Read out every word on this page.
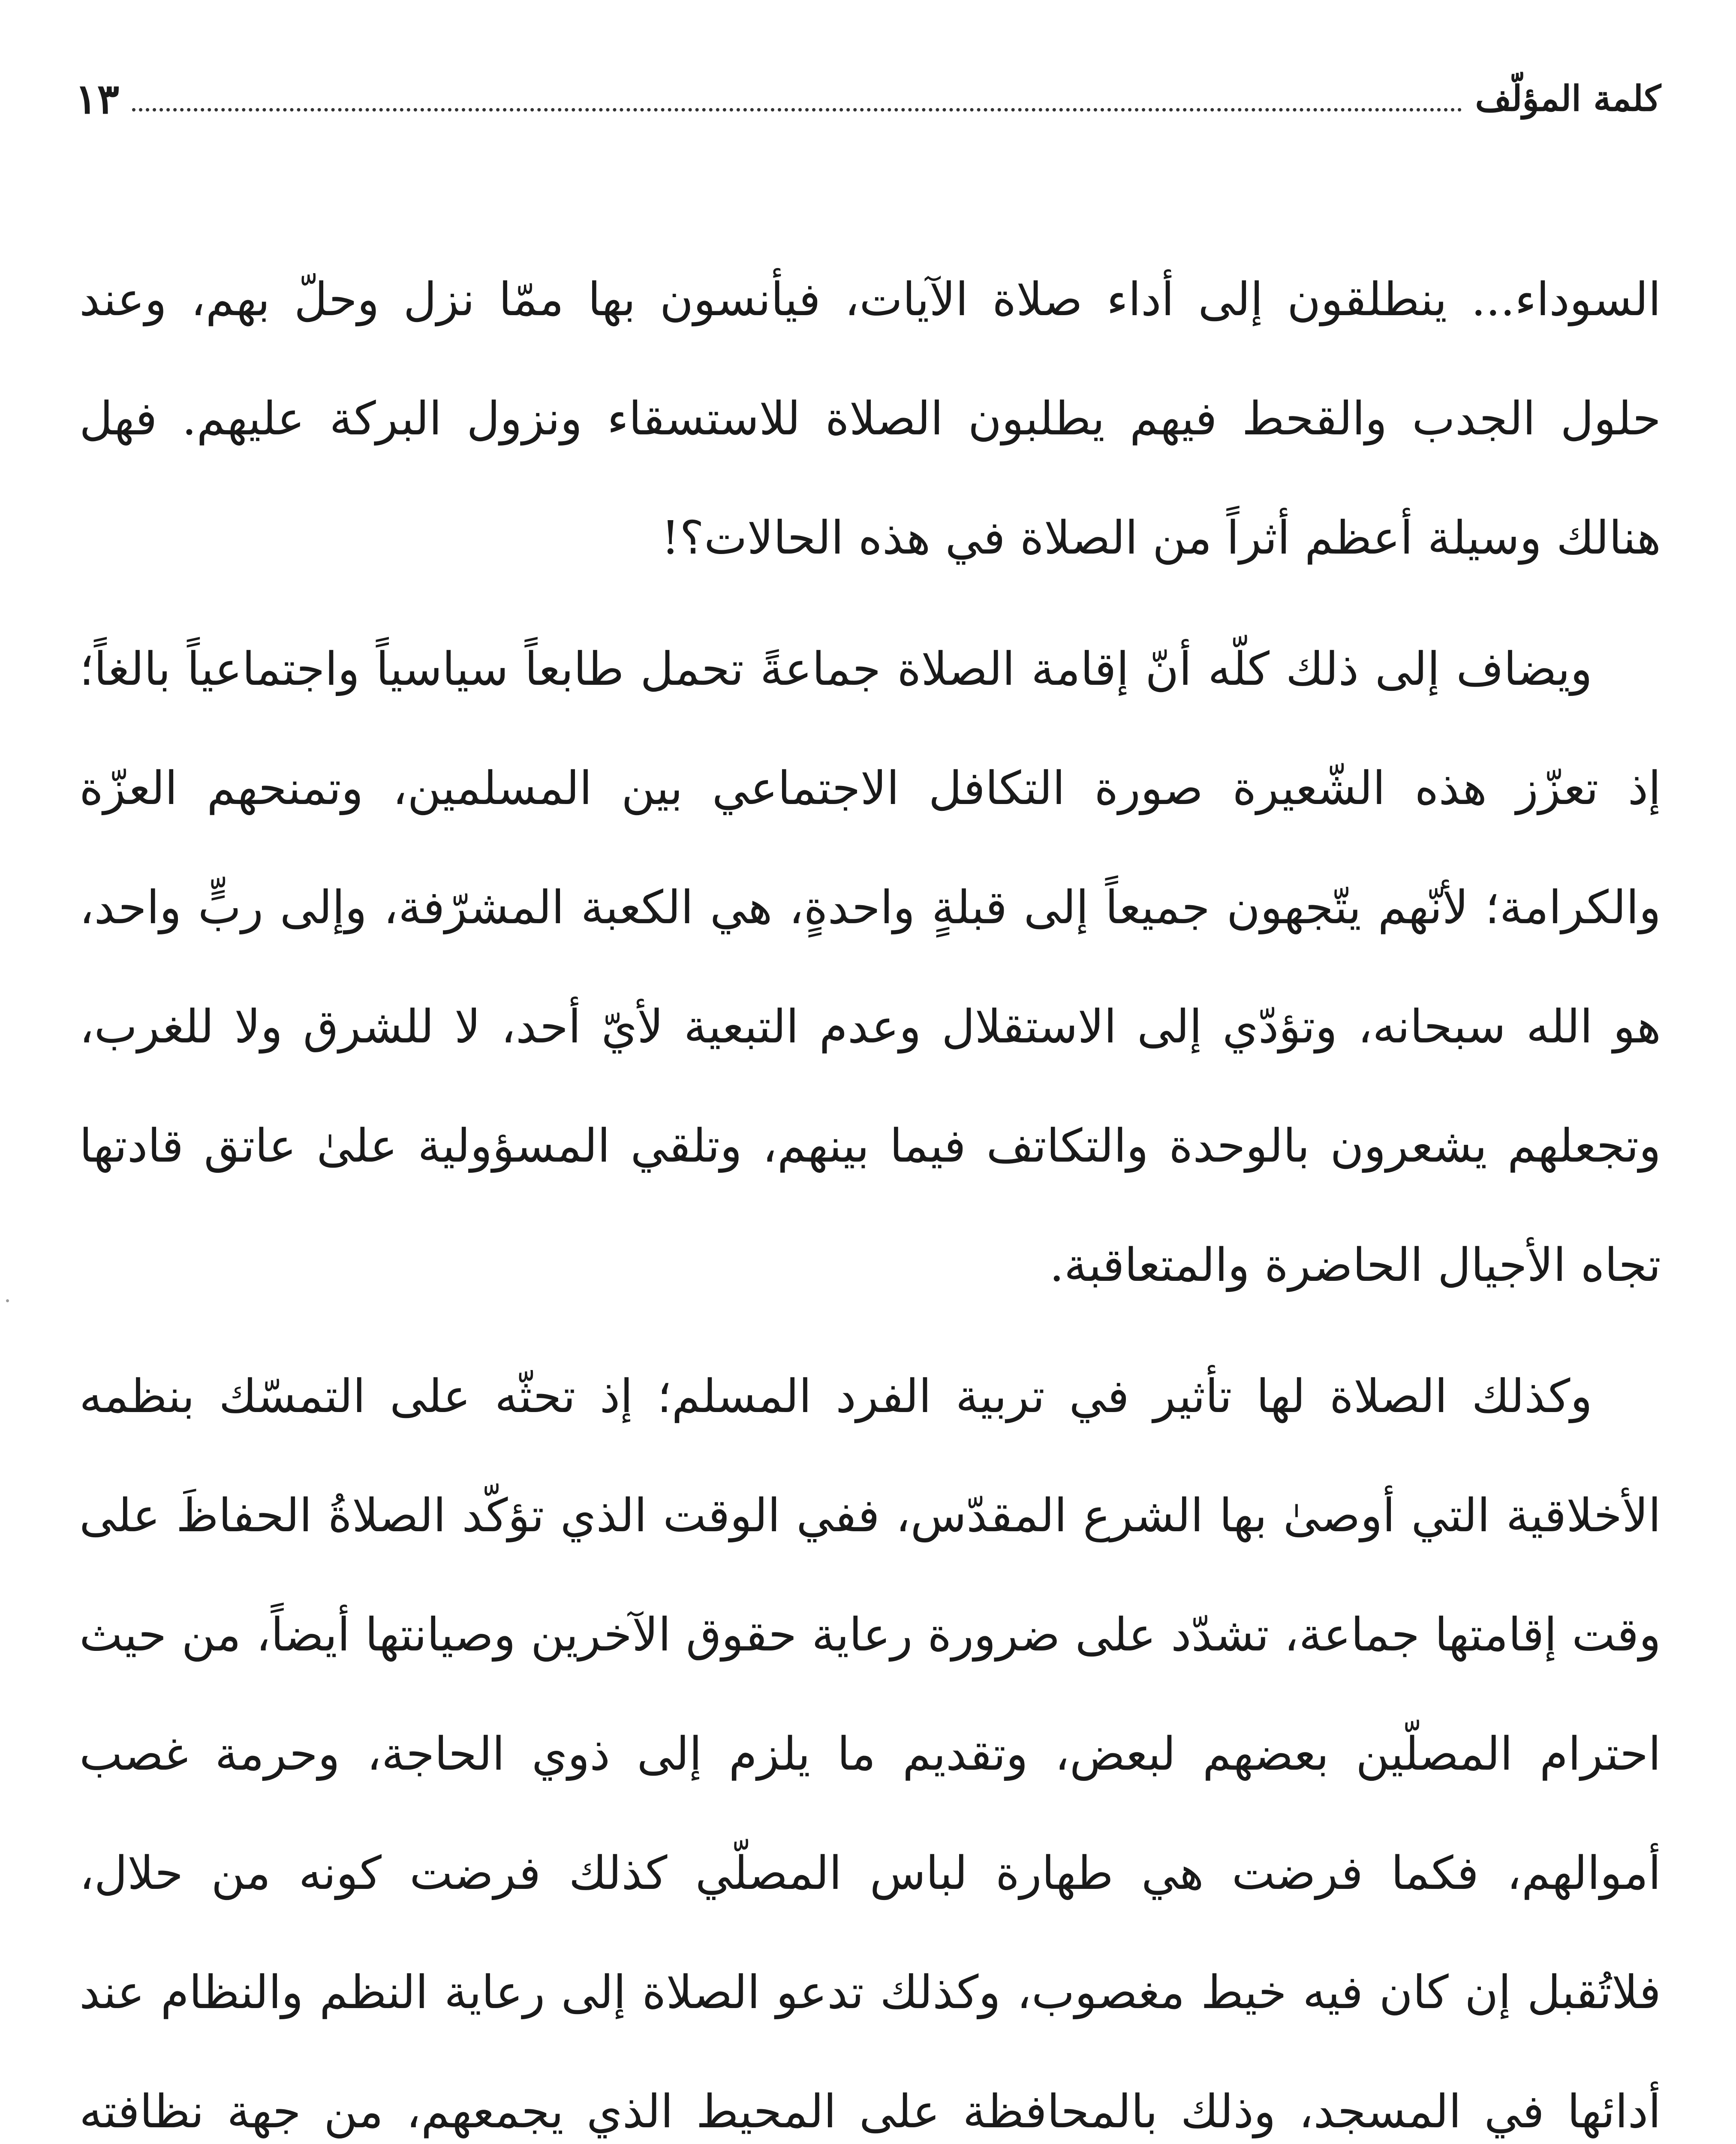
كلمة المؤلّف
١٣

السوداء... ينطلقون إلى أداء صلاة الآيات، فيأنسون بها ممّا نزل وحلّ بهم، وعند حلول الجدب والقحط فيهم يطلبون الصلاة للاستسقاء ونزول البركة عليهم. فهل هنالك وسيلة أعظم أثراً من الصلاة في هذه الحالات؟!

ويضاف إلى ذلك كلّه أنّ إقامة الصلاة جماعةً تحمل طابعاً سياسياً واجتماعياً بالغاً؛ إذ تعزّز هذه الشّعيرة صورة التكافل الاجتماعي بين المسلمين، وتمنحهم العزّة والكرامة؛ لأنّهم يتّجهون جميعاً إلى قبلةٍ واحدةٍ، هي الكعبة المشرّفة، وإلى ربٍّ واحد، هو الله سبحانه، وتؤدّي إلى الاستقلال وعدم التبعية لأيّ أحد، لا للشرق ولا للغرب، وتجعلهم يشعرون بالوحدة والتكاتف فيما بينهم، وتلقي المسؤولية علىٰ عاتق قادتها تجاه الأجيال الحاضرة والمتعاقبة.

وكذلك الصلاة لها تأثير في تربية الفرد المسلم؛ إذ تحثّه على التمسّك بنظمه الأخلاقية التي أوصىٰ بها الشرع المقدّس، ففي الوقت الذي تؤكّد الصلاةُ الحفاظَ على وقت إقامتها جماعة، تشدّد على ضرورة رعاية حقوق الآخرين وصيانتها أيضاً، من حيث احترام المصلّين بعضهم لبعض، وتقديم ما يلزم إلى ذوي الحاجة، وحرمة غصب أموالهم، فكما فرضت هي طهارة لباس المصلّي كذلك فرضت كونه من حلال، فلاتُقبل إن كان فيه خيط مغصوب، وكذلك تدعو الصلاة إلى رعاية النظم والنظام عند أدائها في المسجد، وذلك بالمحافظة على المحيط الذي يجمعهم، من جهة نظافته
